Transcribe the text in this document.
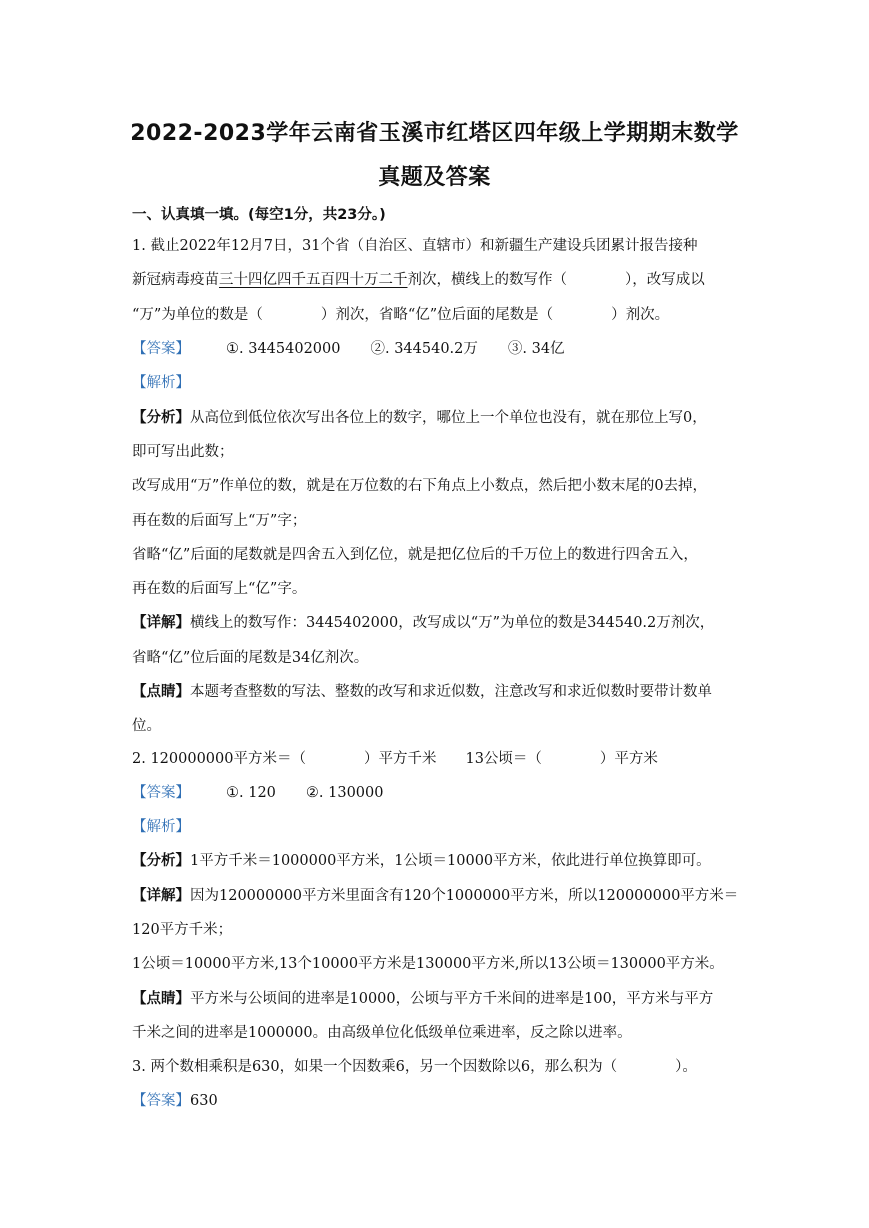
2022-2023学年云南省玉溪市红塔区四年级上学期期末数学
真题及答案
一、认真填一填。(每空1分，共23分。)
1. 截止2022年12月7日，31个省（自治区、直辖市）和新疆生产建设兵团累计报告接种
新冠病毒疫苗三十四亿四千五百四十万二千剂次，横线上的数写作（　　　　），改写成以
“万”为单位的数是（　　　　）剂次，省略“亿”位后面的尾数是（　　　　）剂次。
【答案】 ①. 3445402000 ②. 344540.2万 ③. 34亿
【解析】
【分析】从高位到低位依次写出各位上的数字，哪位上一个单位也没有，就在那位上写0，
即可写出此数；
改写成用“万”作单位的数，就是在万位数的右下角点上小数点，然后把小数末尾的0去掉，
再在数的后面写上“万”字；
省略“亿”后面的尾数就是四舍五入到亿位，就是把亿位后的千万位上的数进行四舍五入，
再在数的后面写上“亿”字。
【详解】横线上的数写作：3445402000，改写成以“万”为单位的数是344540.2万剂次，
省略“亿”位后面的尾数是34亿剂次。
【点睛】本题考查整数的写法、整数的改写和求近似数，注意改写和求近似数时要带计数单
位。
2. 120000000平方米＝（　　　　）平方千米　　13公顷＝（　　　　）平方米
【答案】 ①. 120 ②. 130000
【解析】
【分析】1平方千米＝1000000平方米，1公顷＝10000平方米，依此进行单位换算即可。
【详解】因为120000000平方米里面含有120个1000000平方米，所以120000000平方米＝
120平方千米；
1公顷＝10000平方米,13个10000平方米是130000平方米,所以13公顷＝130000平方米。
【点睛】平方米与公顷间的进率是10000，公顷与平方千米间的进率是100，平方米与平方
千米之间的进率是1000000。由高级单位化低级单位乘进率，反之除以进率。
3. 两个数相乘积是630，如果一个因数乘6，另一个因数除以6，那么积为（　　　　）。
【答案】630
